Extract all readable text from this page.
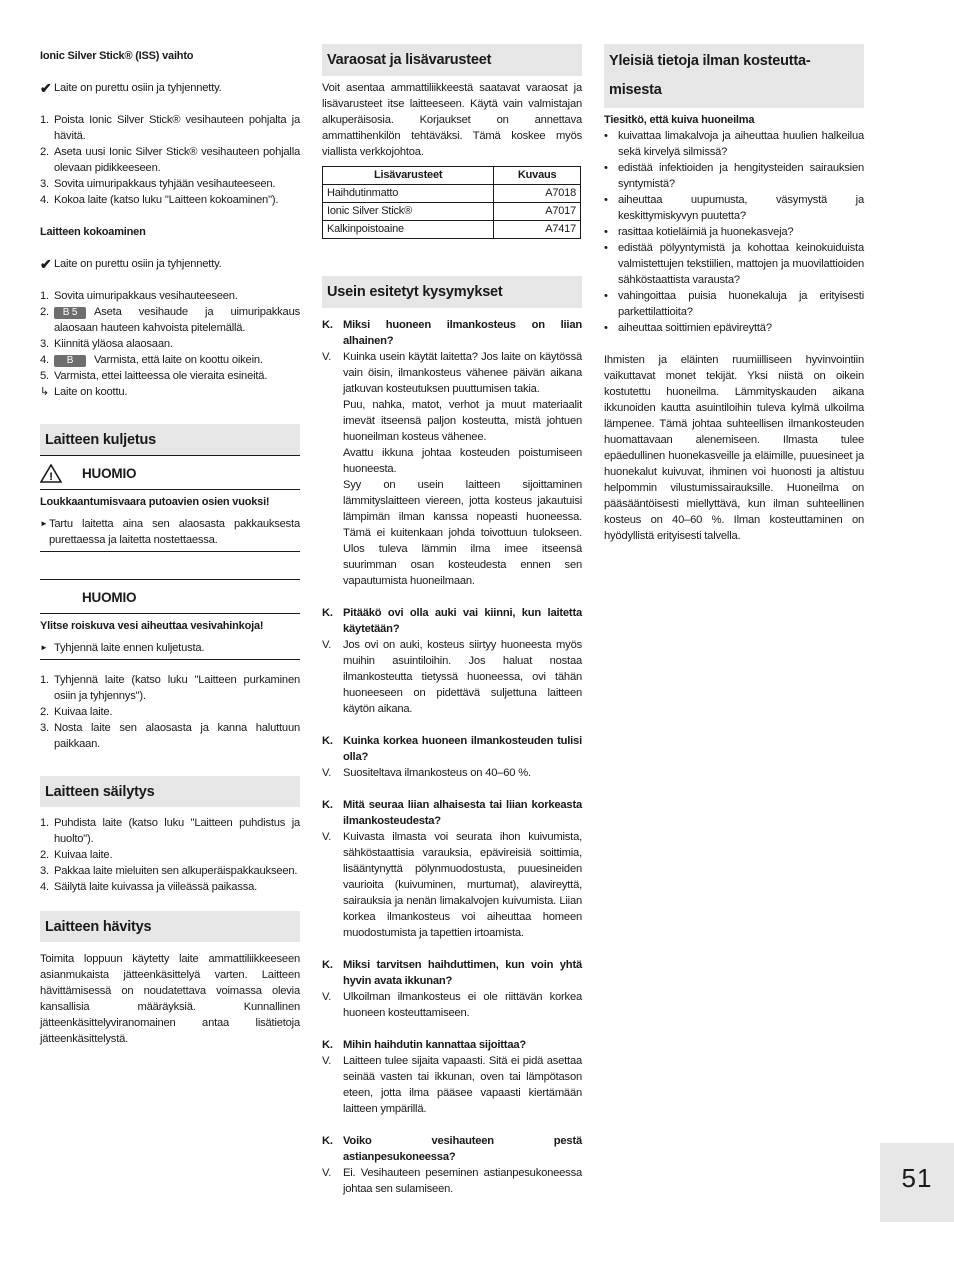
Ionic Silver Stick® (ISS) vaihto
✔ Laite on purettu osiin ja tyhjennetty.
1. Poista Ionic Silver Stick® vesihauteen pohjalta ja hävitä.
2. Aseta uusi Ionic Silver Stick® vesihauteen pohjalla olevaan pidikkeeseen.
3. Sovita uimuripakkaus tyhjään vesihauteeseen.
4. Kokoa laite (katso luku "Laitteen kokoaminen").
Laitteen kokoaminen
✔ Laite on purettu osiin ja tyhjennetty.
1. Sovita uimuripakkaus vesihauteeseen.
2.	B 5 Aseta vesihaude ja uimuripakkaus alaosaan hauteen kahvoista pitelemällä.
3. Kiinnitä yläosa alaosaan.
4.	B Varmista, että laite on koottu oikein.
5. Varmista, ettei laitteessa ole vieraita esineitä.
↳ Laite on koottu.
Laitteen kuljetus
! HUOMIO
Loukkaantumisvaara putoavien osien vuoksi!
► Tartu laitetta aina sen alaosasta pakkauksesta purettaessa ja laitetta nostettaessa.
HUOMIO
Ylitse roiskuva vesi aiheuttaa vesivahinkoja!
► Tyhjennä laite ennen kuljetusta.
1. Tyhjennä laite (katso luku "Laitteen purkaminen osiin ja tyhjennys").
2. Kuivaa laite.
3. Nosta laite sen alaosasta ja kanna haluttuun paikkaan.
Laitteen säilytys
1. Puhdista laite (katso luku "Laitteen puhdistus ja huolto").
2. Kuivaa laite.
3. Pakkaa laite mieluiten sen alkuperäispakkaukseen.
4. Säilytä laite kuivassa ja viileässä paikassa.
Laitteen hävitys
Toimita loppuun käytetty laite ammattiliikkeeseen asianmukaista jätteenkäsittelyä varten. Laitteen hävittämisessä on noudatettava voimassa olevia kansallisia määräyksiä. Kunnallinen jätteenkäsittelyviranomainen antaa lisätietoja jätteenkäsittelystä.
Varaosat ja lisävarusteet
Voit asentaa ammattiliikkeestä saatavat varaosat ja lisävarusteet itse laitteeseen. Käytä vain valmistajan alkuperäisosia. Korjaukset on annettava ammattihenkilön tehtäväksi. Tämä koskee myös viallista verkkojohtoa.
Lisävarusteet	Kuvaus
Haihdutinmatto	A7018
Ionic Silver Stick®	A7017
Kalkinpoistoaine	A7417
Usein esitetyt kysymykset
K. Miksi huoneen ilmankosteus on liian alhainen?
V.	Kuinka usein käytät laitetta? Jos laite on käytössä vain öisin, ilmankosteus vähenee päivän aikana jatkuvan kosteutuksen puuttumisen takia.
Puu, nahka, matot, verhot ja muut materiaalit imevät itseensä paljon kosteutta, mistä johtuen huoneilman kosteus vähenee.
Avattu ikkuna johtaa kosteuden poistumiseen huoneesta.
Syy on usein laitteen sijoittaminen lämmityslaitteen viereen, jotta kosteus jakautuisi lämpimän ilman kanssa nopeasti huoneessa. Tämä ei kuitenkaan johda toivottuun tulokseen. Ulos tuleva lämmin ilma imee itseensä suurimman osan kosteudesta ennen sen vapautumista huoneilmaan.
K. Pitääkö ovi olla auki vai kiinni, kun laitetta käytetään?
V.	Jos ovi on auki, kosteus siirtyy huoneesta myös muihin asuintiloihin. Jos haluat nostaa ilmankosteutta tietyssä huoneessa, ovi tähän huoneeseen on pidettävä suljettuna laitteen käytön aikana.
K. Kuinka korkea huoneen ilmankosteuden tulisi olla?
V.	Suositeltava ilmankosteus on 40–60 %.
K. Mitä seuraa liian alhaisesta tai liian korkeasta ilmankosteudesta?
V.	Kuivasta ilmasta voi seurata ihon kuivumista, sähköstaattisia varauksia, epävireisiä soittimia, lisääntynyttä pölynmuodostusta, puuesineiden vaurioita (kuivuminen, murtumat), alavireyttä, sairauksia ja nenän limakalvojen kuivumista. Liian korkea ilmankosteus voi aiheuttaa homeen muodostumista ja tapettien irtoamista.
K. Miksi tarvitsen haihduttimen, kun voin yhtä hyvin avata ikkunan?
V.	Ulkoilman ilmankosteus ei ole riittävän korkea huoneen kosteuttamiseen.
K. Mihin haihdutin kannattaa sijoittaa?
V.	Laitteen tulee sijaita vapaasti. Sitä ei pidä asettaa seinää vasten tai ikkunan, oven tai lämpötason eteen, jotta ilma pääsee vapaasti kiertämään laitteen ympärillä.
K. Voiko vesihauteen pestä astianpesukoneessa?
V.	Ei. Vesihauteen peseminen astianpesukoneessa johtaa sen sulamiseen.
Yleisiä tietoja ilman kosteutta-
misesta
Tiesitkö, että kuiva huoneilma
• kuivattaa limakalvoja ja aiheuttaa huulien halkeilua sekä kirvelyä silmissä?
• edistää infektioiden ja hengitysteiden sairauksien syntymistä?
• aiheuttaa uupumusta, väsymystä ja keskittymiskyvyn puutetta?
• rasittaa kotieläimiä ja huonekasveja?
• edistää pölyyntymistä ja kohottaa keinokuiduista valmistettujen tekstiilien, mattojen ja muovilattioiden sähköstaattista varausta?
• vahingoittaa puisia huonekaluja ja erityisesti parkettilattioita?
• aiheuttaa soittimien epävireyttä?
Ihmisten ja eläinten ruumiilliseen hyvinvointiin vaikuttavat monet tekijät. Yksi niistä on oikein kostutettu huoneilma. Lämmityskauden aikana ikkunoiden kautta asuintiloihin tuleva kylmä ulkoilma lämpenee. Tämä johtaa suhteellisen ilmankosteuden huomattavaan alenemiseen. Ilmasta tulee epäedullinen huonekasveille ja eläimille, puuesineet ja huonekalut kuivuvat, ihminen voi huonosti ja altistuu helpommin vilustumissairauksille. Huoneilma on pääsääntöisesti miellyttävä, kun ilman suhteellinen kosteus on 40–60 %. Ilman kosteuttaminen on hyödyllistä erityisesti talvella.
51
